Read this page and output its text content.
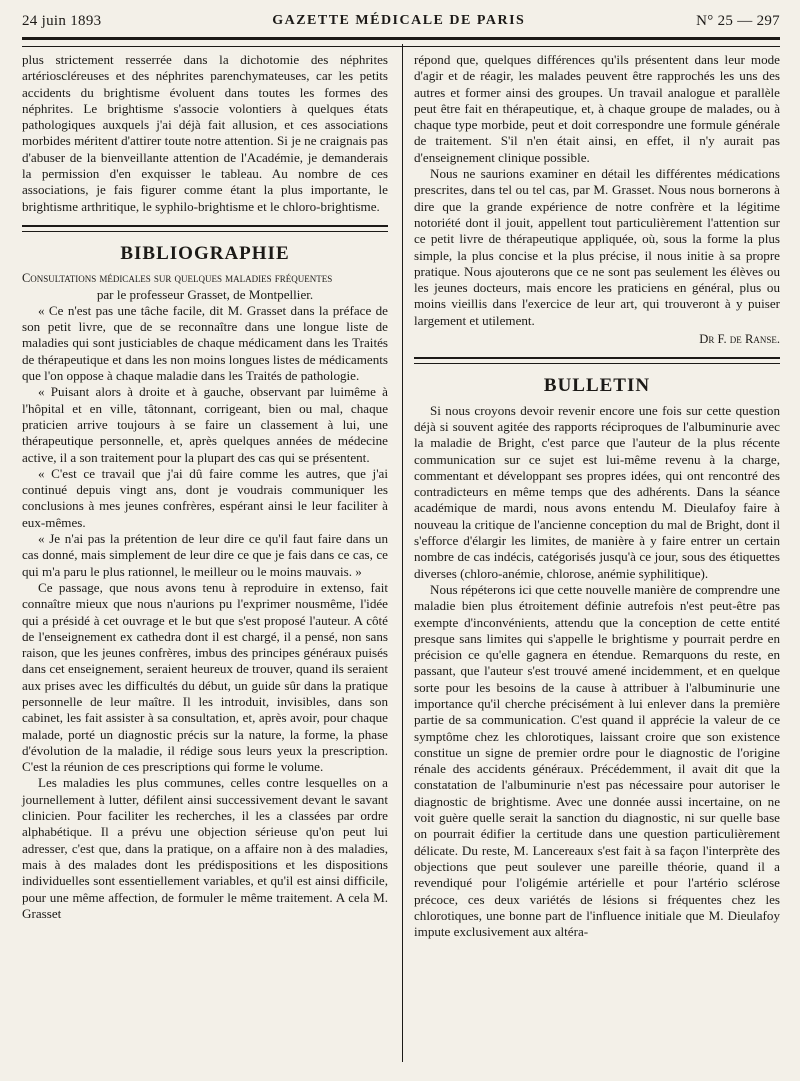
24 juin 1893	GAZETTE MÉDICALE DE PARIS	N° 25 — 297

plus strictement resserrée dans la dichotomie des néphrites artérioscléreuses et des néphrites parenchymateuses, car les petits accidents du brightisme évoluent dans toutes les formes des néphrites. Le brightisme s'associe volontiers à quelques états pathologiques auxquels j'ai déjà fait allusion, et ces associations morbides méritent d'attirer toute notre attention. Si je ne craignais pas d'abuser de la bienveillante attention de l'Académie, je demanderais la permission d'en exquisser le tableau. Au nombre de ces associations, je fais figurer comme étant la plus importante, le brightisme arthritique, le syphilo-brightisme et le chloro-brightisme.

BIBLIOGRAPHIE

Consultations médicales sur quelques maladies fréquentes

par le professeur Grasset, de Montpellier.

« Ce n'est pas une tâche facile, dit M. Grasset dans la préface de son petit livre, que de se reconnaître dans une longue liste de maladies qui sont justiciables de chaque médicament dans les Traités de thérapeutique et dans les non moins longues listes de médicaments que l'on oppose à chaque maladie dans les Traités de pathologie.

« Puisant alors à droite et à gauche, observant par luimême à l'hôpital et en ville, tâtonnant, corrigeant, bien ou mal, chaque praticien arrive toujours à se faire un classement à lui, une thérapeutique personnelle, et, après quelques années de médecine active, il a son traitement pour la plupart des cas qui se présentent.

« C'est ce travail que j'ai dû faire comme les autres, que j'ai continué depuis vingt ans, dont je voudrais communiquer les conclusions à mes jeunes confrères, espérant ainsi le leur faciliter à eux-mêmes.

« Je n'ai pas la prétention de leur dire ce qu'il faut faire dans un cas donné, mais simplement de leur dire ce que je fais dans ce cas, ce qui m'a paru le plus rationnel, le meilleur ou le moins mauvais. »

Ce passage, que nous avons tenu à reproduire in extenso, fait connaître mieux que nous n'aurions pu l'exprimer nousmême, l'idée qui a présidé à cet ouvrage et le but que s'est proposé l'auteur. A côté de l'enseignement ex cathedra dont il est chargé, il a pensé, non sans raison, que les jeunes confrères, imbus des principes généraux puisés dans cet enseignement, seraient heureux de trouver, quand ils seraient aux prises avec les difficultés du début, un guide sûr dans la pratique personnelle de leur maître. Il les introduit, invisibles, dans son cabinet, les fait assister à sa consultation, et, après avoir, pour chaque malade, porté un diagnostic précis sur la nature, la forme, la phase d'évolution de la maladie, il rédige sous leurs yeux la prescription. C'est la réunion de ces prescriptions qui forme le volume.

Les maladies les plus communes, celles contre lesquelles on a journellement à lutter, défilent ainsi successivement devant le savant clinicien. Pour faciliter les recherches, il les a classées par ordre alphabétique. Il a prévu une objection sérieuse qu'on peut lui adresser, c'est que, dans la pratique, on a affaire non à des maladies, mais à des malades dont les prédispositions et les dispositions individuelles sont essentiellement variables, et qu'il est ainsi difficile, pour une même affection, de formuler le même traitement. A cela M. Grasset

répond que, quelques différences qu'ils présentent dans leur mode d'agir et de réagir, les malades peuvent être rapprochés les uns des autres et former ainsi des groupes. Un travail analogue et parallèle peut être fait en thérapeutique, et, à chaque groupe de malades, ou à chaque type morbide, peut et doit correspondre une formule générale de traitement. S'il n'en était ainsi, en effet, il n'y aurait pas d'enseignement clinique possible.

Nous ne saurions examiner en détail les différentes médications prescrites, dans tel ou tel cas, par M. Grasset. Nous nous bornerons à dire que la grande expérience de notre confrère et la légitime notoriété dont il jouit, appellent tout particulièrement l'attention sur ce petit livre de thérapeutique appliquée, où, sous la forme la plus simple, la plus concise et la plus précise, il nous initie à sa propre pratique. Nous ajouterons que ce ne sont pas seulement les élèves ou les jeunes docteurs, mais encore les praticiens en général, plus ou moins vieillis dans l'exercice de leur art, qui trouveront à y puiser largement et utilement.

Dr F. de Ranse.

BULLETIN

Si nous croyons devoir revenir encore une fois sur cette question déjà si souvent agitée des rapports réciproques de l'albuminurie avec la maladie de Bright, c'est parce que l'auteur de la plus récente communication sur ce sujet est lui-même revenu à la charge, commentant et développant ses propres idées, qui ont rencontré des contradicteurs en même temps que des adhérents. Dans la séance académique de mardi, nous avons entendu M. Dieulafoy faire à nouveau la critique de l'ancienne conception du mal de Bright, dont il s'efforce d'élargir les limites, de manière à y faire entrer un certain nombre de cas indécis, catégorisés jusqu'à ce jour, sous des étiquettes diverses (chloro-anémie, chlorose, anémie syphilitique).

Nous répéterons ici que cette nouvelle manière de comprendre une maladie bien plus étroitement définie autrefois n'est peut-être pas exempte d'inconvénients, attendu que la conception de cette entité presque sans limites qui s'appelle le brightisme y pourrait perdre en précision ce qu'elle gagnera en étendue. Remarquons du reste, en passant, que l'auteur s'est trouvé amené incidemment, et en quelque sorte pour les besoins de la cause à attribuer à l'albuminurie une importance qu'il cherche précisément à lui enlever dans la première partie de sa communication. C'est quand il apprécie la valeur de ce symptôme chez les chlorotiques, laissant croire que son existence constitue un signe de premier ordre pour le diagnostic de l'origine rénale des accidents généraux. Précédemment, il avait dit que la constatation de l'albuminurie n'est pas nécessaire pour autoriser le diagnostic de brightisme. Avec une donnée aussi incertaine, on ne voit guère quelle serait la sanction du diagnostic, ni sur quelle base on pourrait édifier la certitude dans une question particulièrement délicate. Du reste, M. Lancereaux s'est fait à sa façon l'interprète des objections que peut soulever une pareille théorie, quand il a revendiqué pour l'oligémie artérielle et pour l'artério sclérose précoce, ces deux variétés de lésions si fréquentes chez les chlorotiques, une bonne part de l'influence initiale que M. Dieulafoy impute exclusivement aux altéra-
